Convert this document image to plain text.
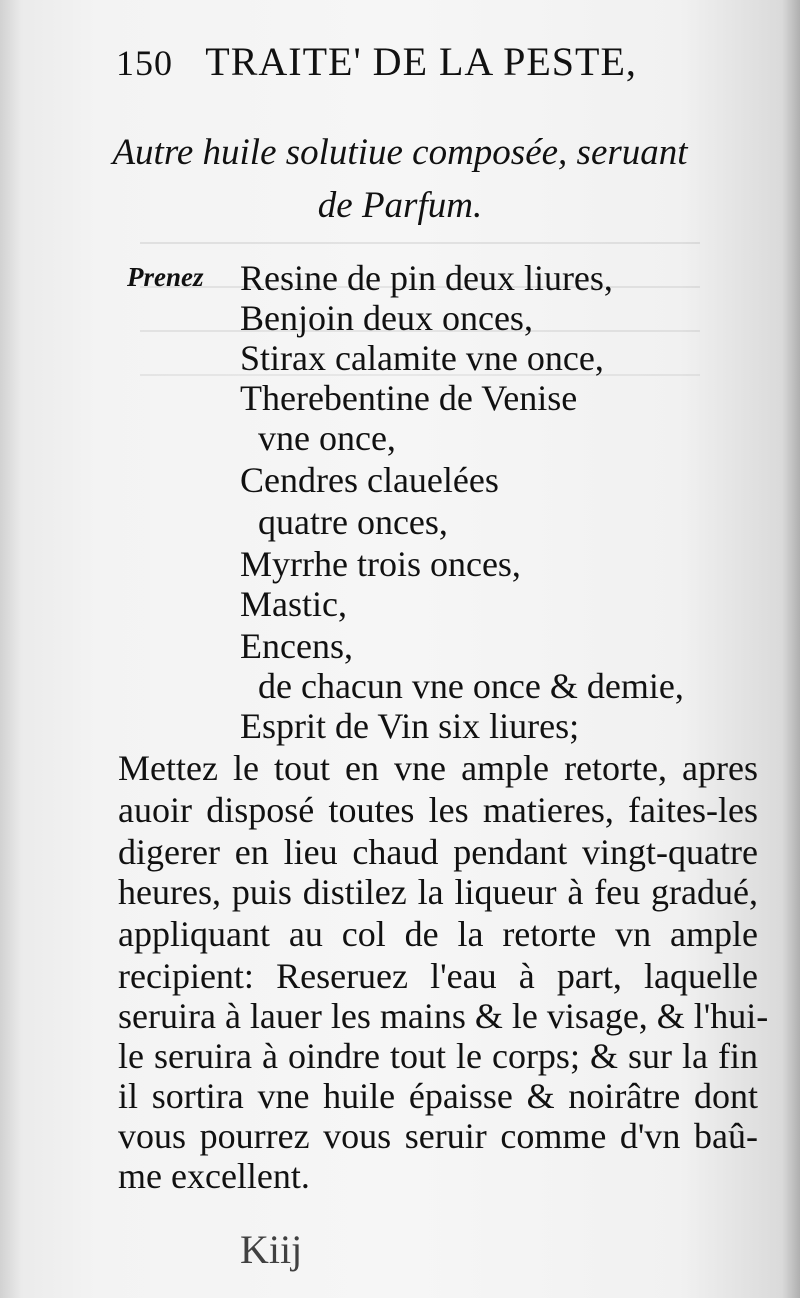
150 TRAITE' DE LA PESTE,
Autre huile solutiue composée, seruant
de Parfum.
Prenez Resine de pin deux liures,
Benjoin deux onces,
Stirax calamite vne once,
Therebentine de Venise
vne once,
Cendres clauelées
quatre onces,
Myrrhe trois onces,
Mastic,
Encens,
de chacun vne once & demie,
Esprit de Vin six liures;
Mettez le tout en vne ample retorte, apres
auoir disposé toutes les matieres, faites-les
digerer en lieu chaud pendant vingt-quatre
heures, puis distilez la liqueur à feu gradué,
appliquant au col de la retorte vn ample
recipient: Reseruez l'eau à part, laquelle
seruira à lauer les mains & le visage, & l'hui-
le seruira à oindre tout le corps; & sur la fin
il sortira vne huile épaisse & noirâtre dont
vous pourrez vous seruir comme d'vn baû-
me excellent.
Kiij
